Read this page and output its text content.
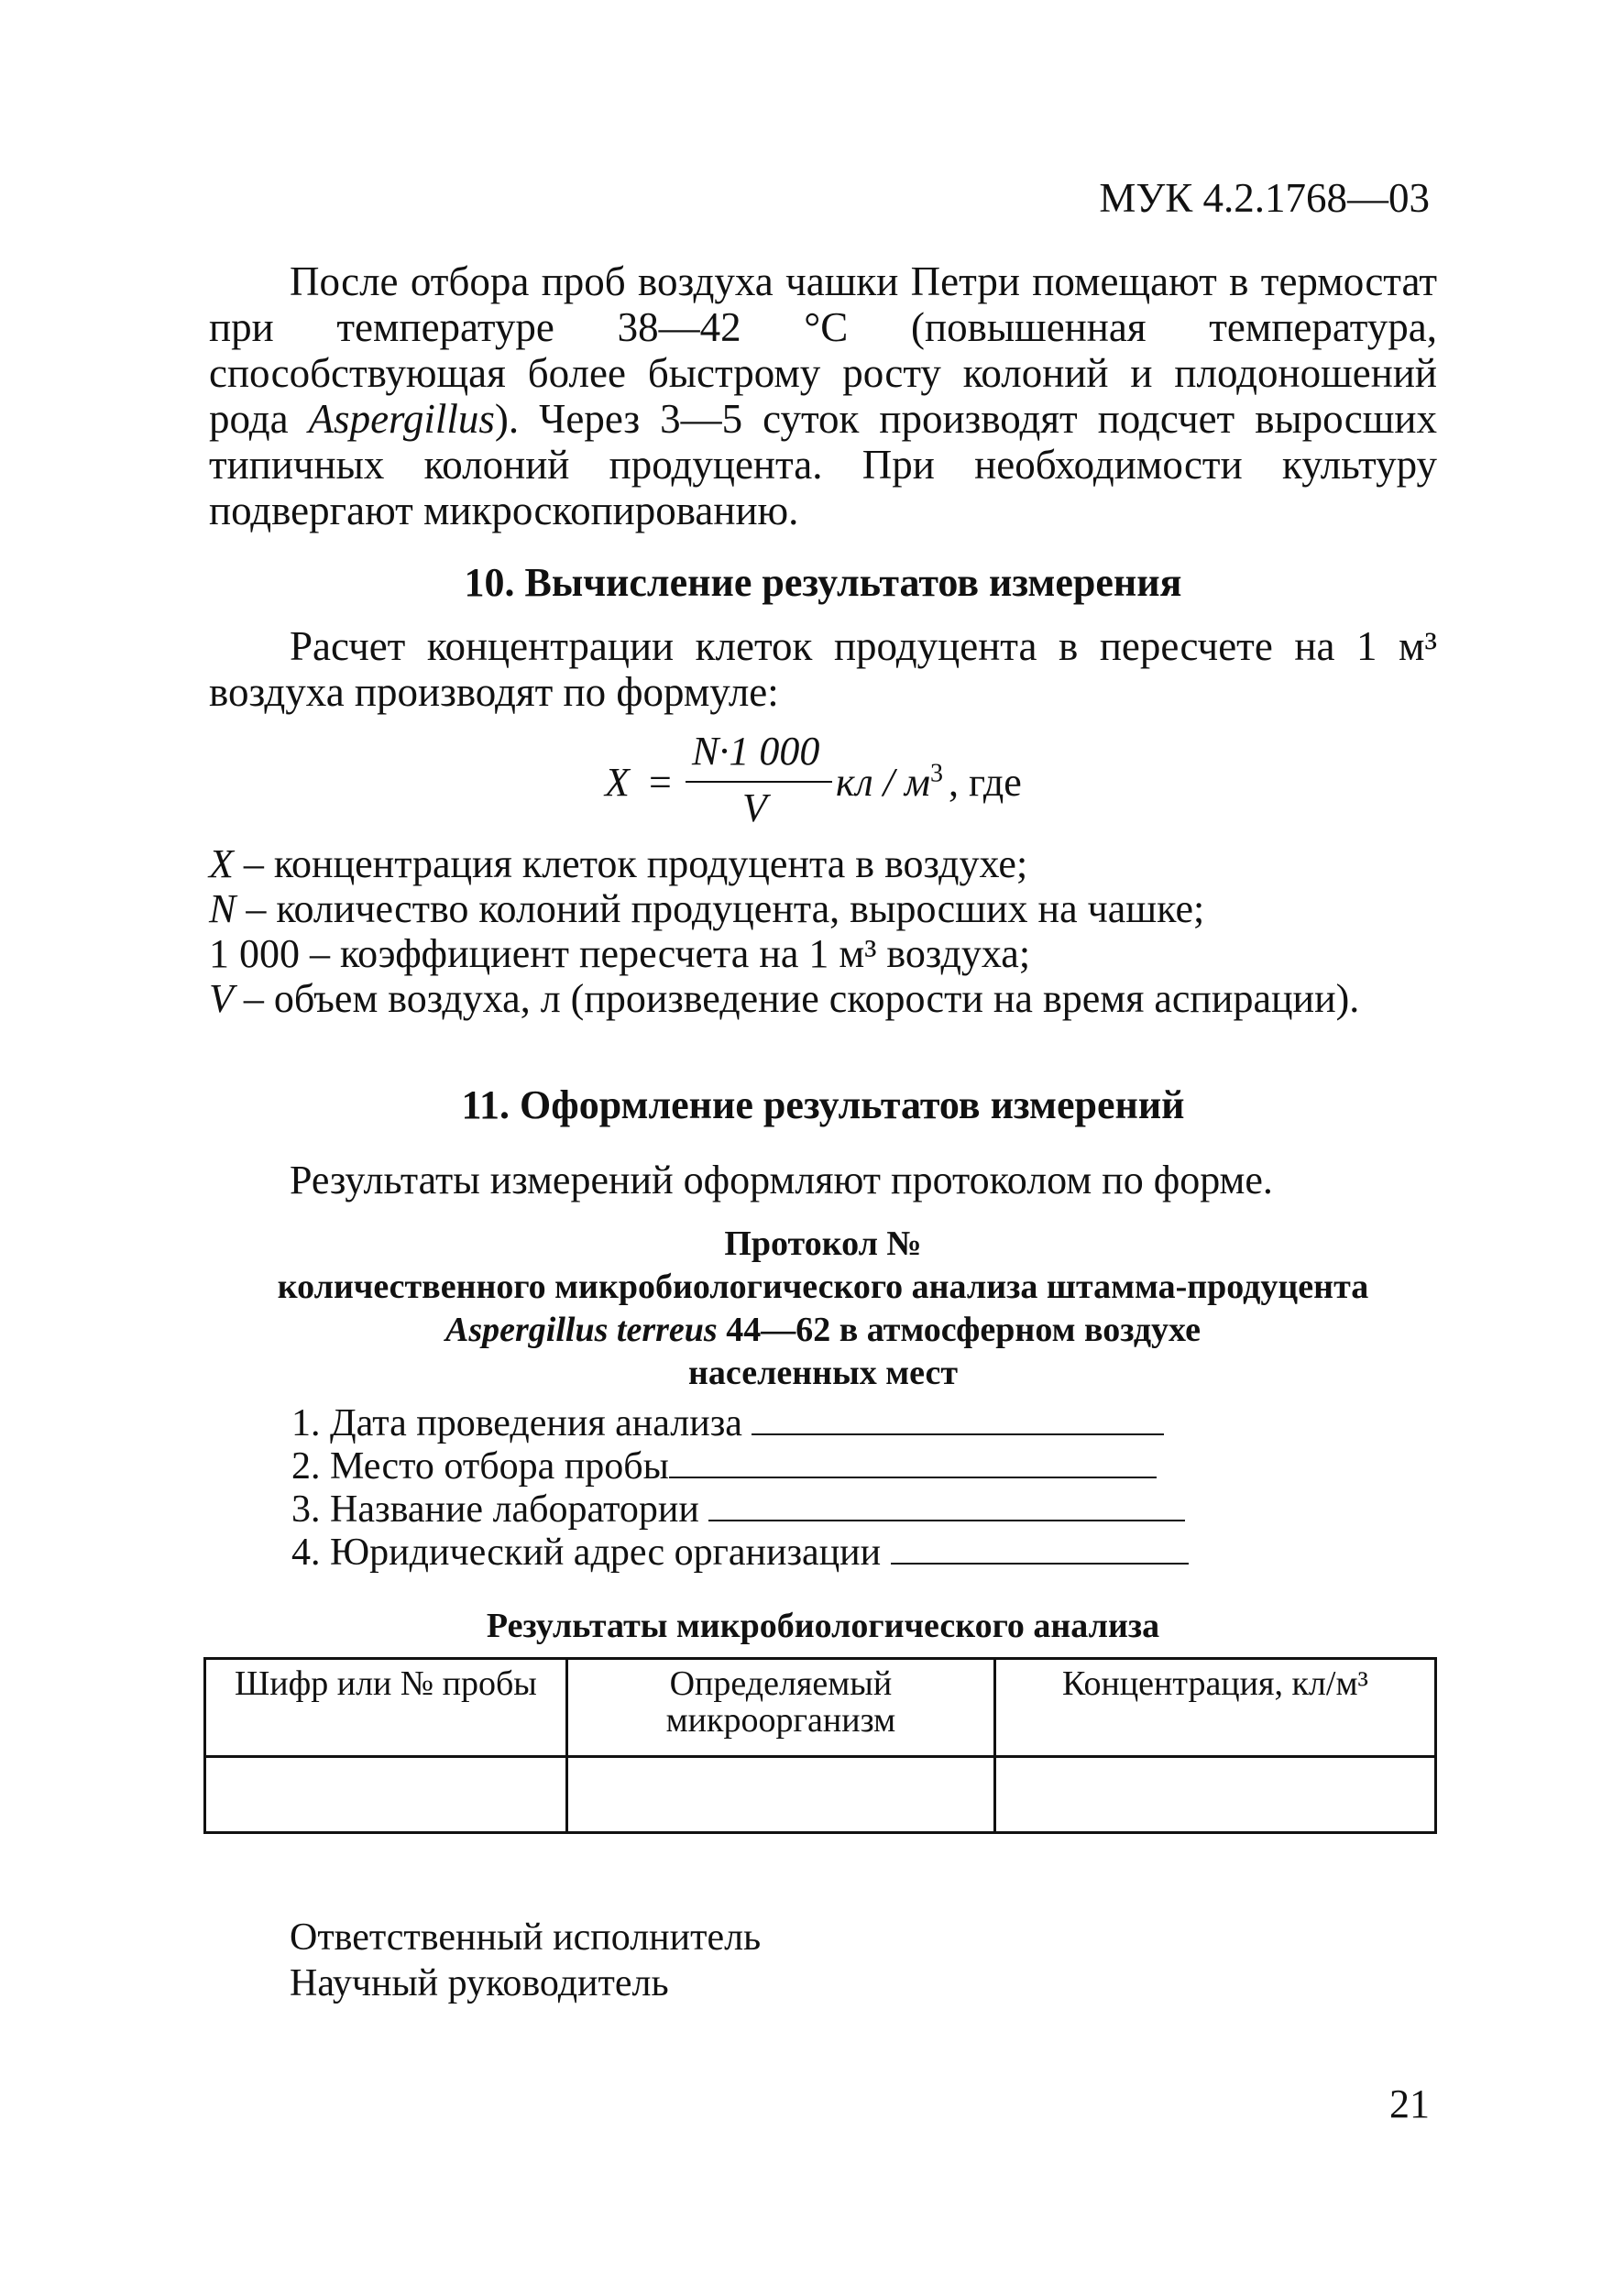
МУК 4.2.1768—03
После отбора проб воздуха чашки Петри помещают в термостат при температуре 38—42 °C (повышенная температура, способствующая более быстрому росту колоний и плодоношений рода Aspergillus). Через 3—5 суток производят подсчет выросших типичных колоний продуцента. При необходимости культуру подвергают микроскопированию.
10. Вычисление результатов измерения
Расчет концентрации клеток продуцента в пересчете на 1 м³ воздуха производят по формуле:
X =
N·1 000
V
кл / $м^3$ , где
X – концентрация клеток продуцента в воздухе;
N – количество колоний продуцента, выросших на чашке;
1 000 – коэффициент пересчета на 1 м³ воздуха;
V – объем воздуха, л (произведение скорости на время аспирации).
11. Оформление результатов измерений
Результаты измерений оформляют протоколом по форме.
Протокол №
количественного микробиологического анализа штамма-продуцента
Aspergillus terreus 44—62 в атмосферном воздухе
населенных мест
1. Дата проведения анализа
2. Место отбора пробы
3. Название лаборатории
4. Юридический адрес организации
Результаты микробиологического анализа
Шифр или № пробы	Определяемый микроорганизм	Концентрация, кл/м³

Ответственный исполнитель
Научный руководитель
21
